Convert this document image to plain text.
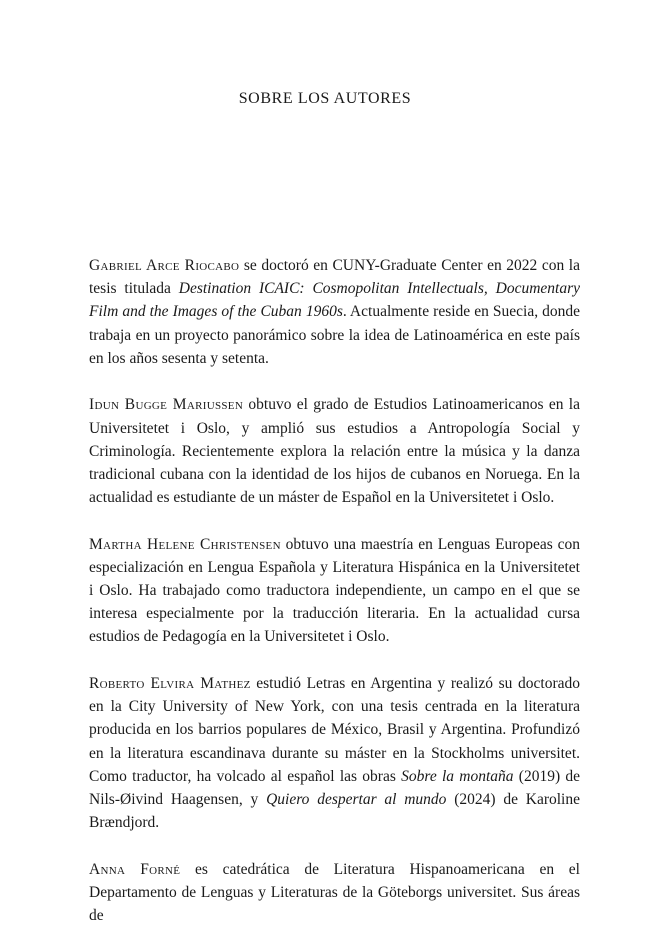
SOBRE LOS AUTORES

Gabriel Arce Riocabo se doctoró en CUNY-Graduate Center en 2022 con la tesis titulada Destination ICAIC: Cosmopolitan Intellectuals, Documentary Film and the Images of the Cuban 1960s. Actualmente reside en Suecia, donde trabaja en un proyecto panorámico sobre la idea de Latinoamérica en este país en los años sesenta y setenta.

Idun Bugge Mariussen obtuvo el grado de Estudios Latinoamericanos en la Universitetet i Oslo, y amplió sus estudios a Antropología Social y Criminología. Recientemente explora la relación entre la música y la danza tradicional cubana con la identidad de los hijos de cubanos en Noruega. En la actualidad es estudiante de un máster de Español en la Universitetet i Oslo.

Martha Helene Christensen obtuvo una maestría en Lenguas Europeas con especialización en Lengua Española y Literatura Hispánica en la Universitetet i Oslo. Ha trabajado como traductora independiente, un campo en el que se interesa especialmente por la traducción literaria. En la actualidad cursa estudios de Pedagogía en la Universitetet i Oslo.

Roberto Elvira Mathez estudió Letras en Argentina y realizó su doctorado en la City University of New York, con una tesis centrada en la literatura producida en los barrios populares de México, Brasil y Argentina. Profundizó en la literatura escandinava durante su máster en la Stockholms universitet. Como traductor, ha volcado al español las obras Sobre la montaña (2019) de Nils-Øivind Haagensen, y Quiero despertar al mundo (2024) de Karoline Brændjord.

Anna Forné es catedrática de Literatura Hispanoamericana en el Departamento de Lenguas y Literaturas de la Göteborgs universitet. Sus áreas de
